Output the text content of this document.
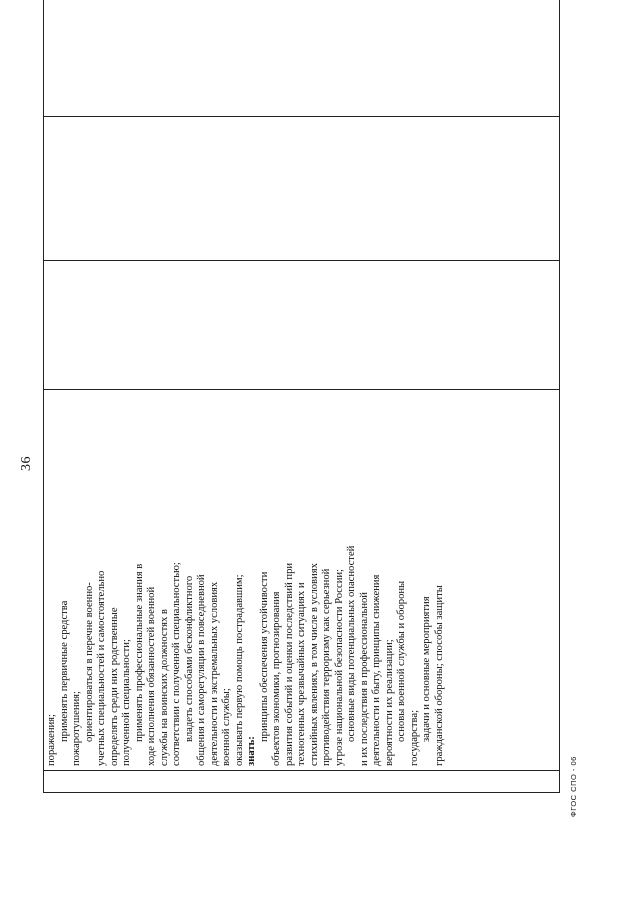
36
поражения; применять первичные средства пожаротушения; ориентироваться в перечне военно- учетных специальностей и самостоятельно определять среди них родственные полученной специальности; применять профессиональные знания в ходе исполнения обязанностей военной службы на воинских должностях в соответствии с полученной специальностью; владеть способами бесконфликтного общения и саморегуляции в повседневной деятельности и экстремальных условиях военной службы; оказывать первую помощь пострадавшим; знать:
принципы обеспечения устойчивости объектов экономики, прогнозирования развития событий и оценки последствий при техногенных чрезвычайных ситуациях и стихийных явлениях, в том числе в условиях противодействия терроризму как серьезной угрозе национальной безопасности России; основные виды потенциальных опасностей и их последствия в профессиональной деятельности и быту, принципы снижения вероятности их реализации; основы военной службы и обороны государства; задачи и основные мероприятия гражданской обороны; способы защиты
ФГОС СПО - 06
